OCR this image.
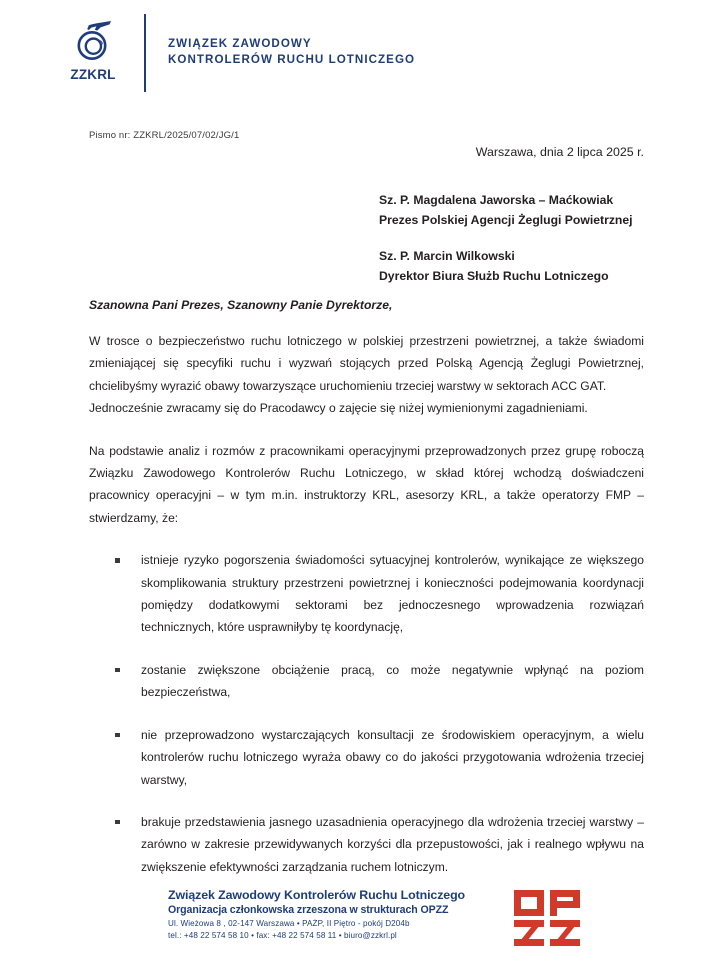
ZZKRL
ZWIĄZEK ZAWODOWY
KONTROLERÓW RUCHU LOTNICZEGO
Pismo nr: ZZKRL/2025/07/02/JG/1
Warszawa, dnia 2 lipca 2025 r.
Sz. P. Magdalena Jaworska – Maćkowiak
Prezes Polskiej Agencji Żeglugi Powietrznej
Sz. P. Marcin Wilkowski
Dyrektor Biura Służb Ruchu Lotniczego
Szanowna Pani Prezes, Szanowny Panie Dyrektorze,

W trosce o bezpieczeństwo ruchu lotniczego w polskiej przestrzeni powietrznej, a także świadomi zmieniającej się specyfiki ruchu i wyzwań stojących przed Polską Agencją Żeglugi Powietrznej, chcielibyśmy wyrazić obawy towarzyszące uruchomieniu trzeciej warstwy w sektorach ACC GAT.

Jednocześnie zwracamy się do Pracodawcy o zajęcie się niżej wymienionymi zagadnieniami.

Na podstawie analiz i rozmów z pracownikami operacyjnymi przeprowadzonych przez grupę roboczą Związku Zawodowego Kontrolerów Ruchu Lotniczego, w skład której wchodzą doświadczeni pracownicy operacyjni – w tym m.in. instruktorzy KRL, asesorzy KRL, a także operatorzy FMP – stwierdzamy, że:

istnieje ryzyko pogorszenia świadomości sytuacyjnej kontrolerów, wynikające ze większego skomplikowania struktury przestrzeni powietrznej i konieczności podejmowania koordynacji pomiędzy dodatkowymi sektorami bez jednoczesnego wprowadzenia rozwiązań technicznych, które usprawniłyby tę koordynację,
zostanie zwiększone obciążenie pracą, co może negatywnie wpłynąć na poziom bezpieczeństwa,
nie przeprowadzono wystarczających konsultacji ze środowiskiem operacyjnym, a wielu kontrolerów ruchu lotniczego wyraża obawy co do jakości przygotowania wdrożenia trzeciej warstwy,
brakuje przedstawienia jasnego uzasadnienia operacyjnego dla wdrożenia trzeciej warstwy – zarówno w zakresie przewidywanych korzyści dla przepustowości, jak i realnego wpływu na zwiększenie efektywności zarządzania ruchem lotniczym.
Związek Zawodowy Kontrolerów Ruchu Lotniczego
Organizacja członkowska zrzeszona w strukturach OPZZ
Ul. Wieżowa 8 , 02-147 Warszawa • PAŻP, II Piętro - pokój D204b
tel.: +48 22 574 58 10 • fax: +48 22 574 58 11 • biuro@zzkrl.pl
